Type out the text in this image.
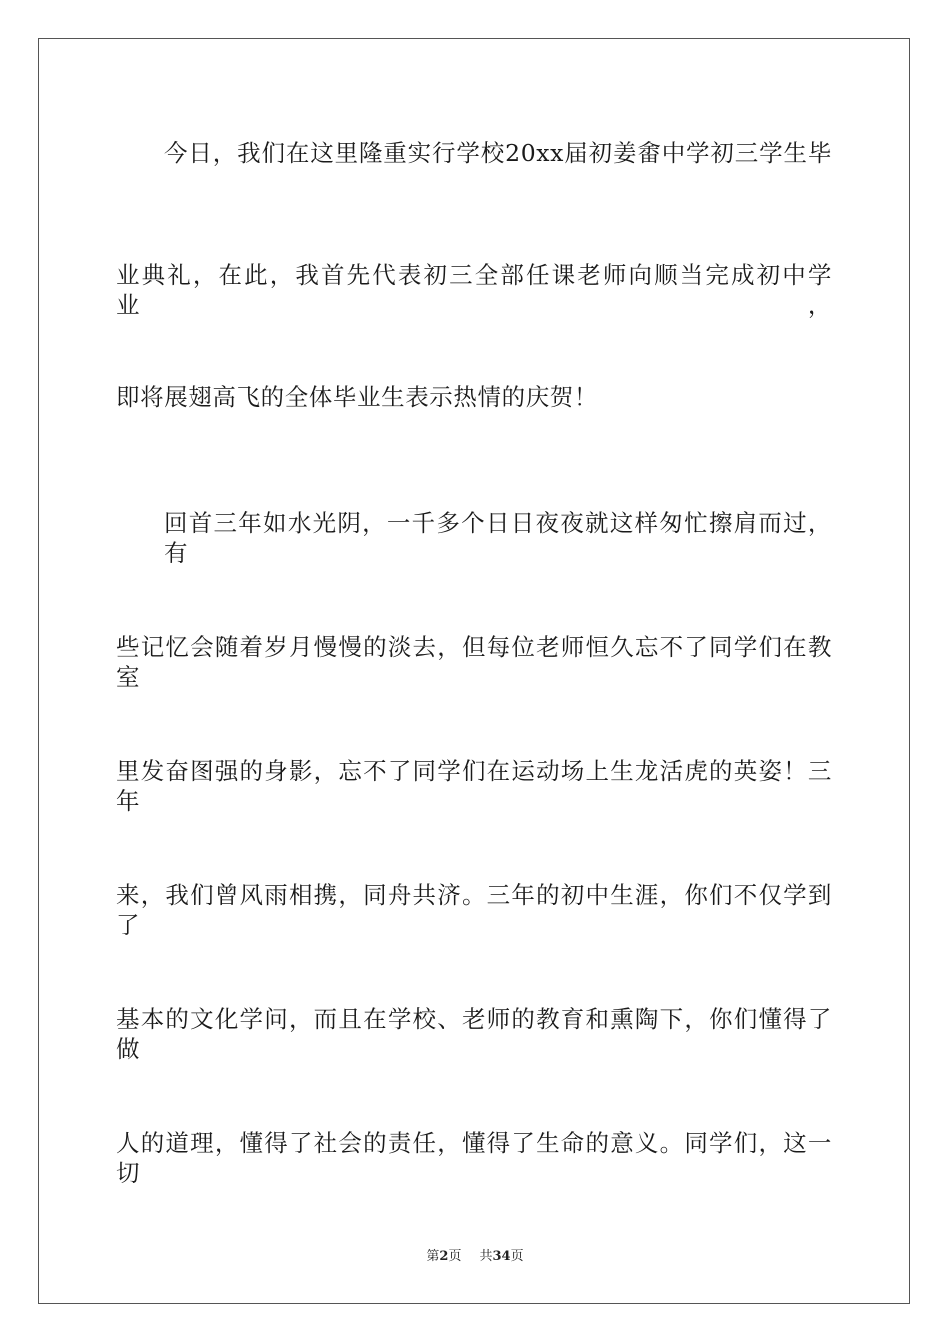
今日，我们在这里隆重实行学校20xx届初姜畬中学初三学生毕
业典礼，在此，我首先代表初三全部任课老师向顺当完成初中学业，
即将展翅高飞的全体毕业生表示热情的庆贺！
回首三年如水光阴，一千多个日日夜夜就这样匆忙擦肩而过，有
些记忆会随着岁月慢慢的淡去，但每位老师恒久忘不了同学们在教室
里发奋图强的身影，忘不了同学们在运动场上生龙活虎的英姿！三年
来，我们曾风雨相携，同舟共济。三年的初中生涯，你们不仅学到了
基本的文化学问，而且在学校、老师的教育和熏陶下，你们懂得了做
人的道理，懂得了社会的责任，懂得了生命的意义。同学们，这一切
第2页 共34页
